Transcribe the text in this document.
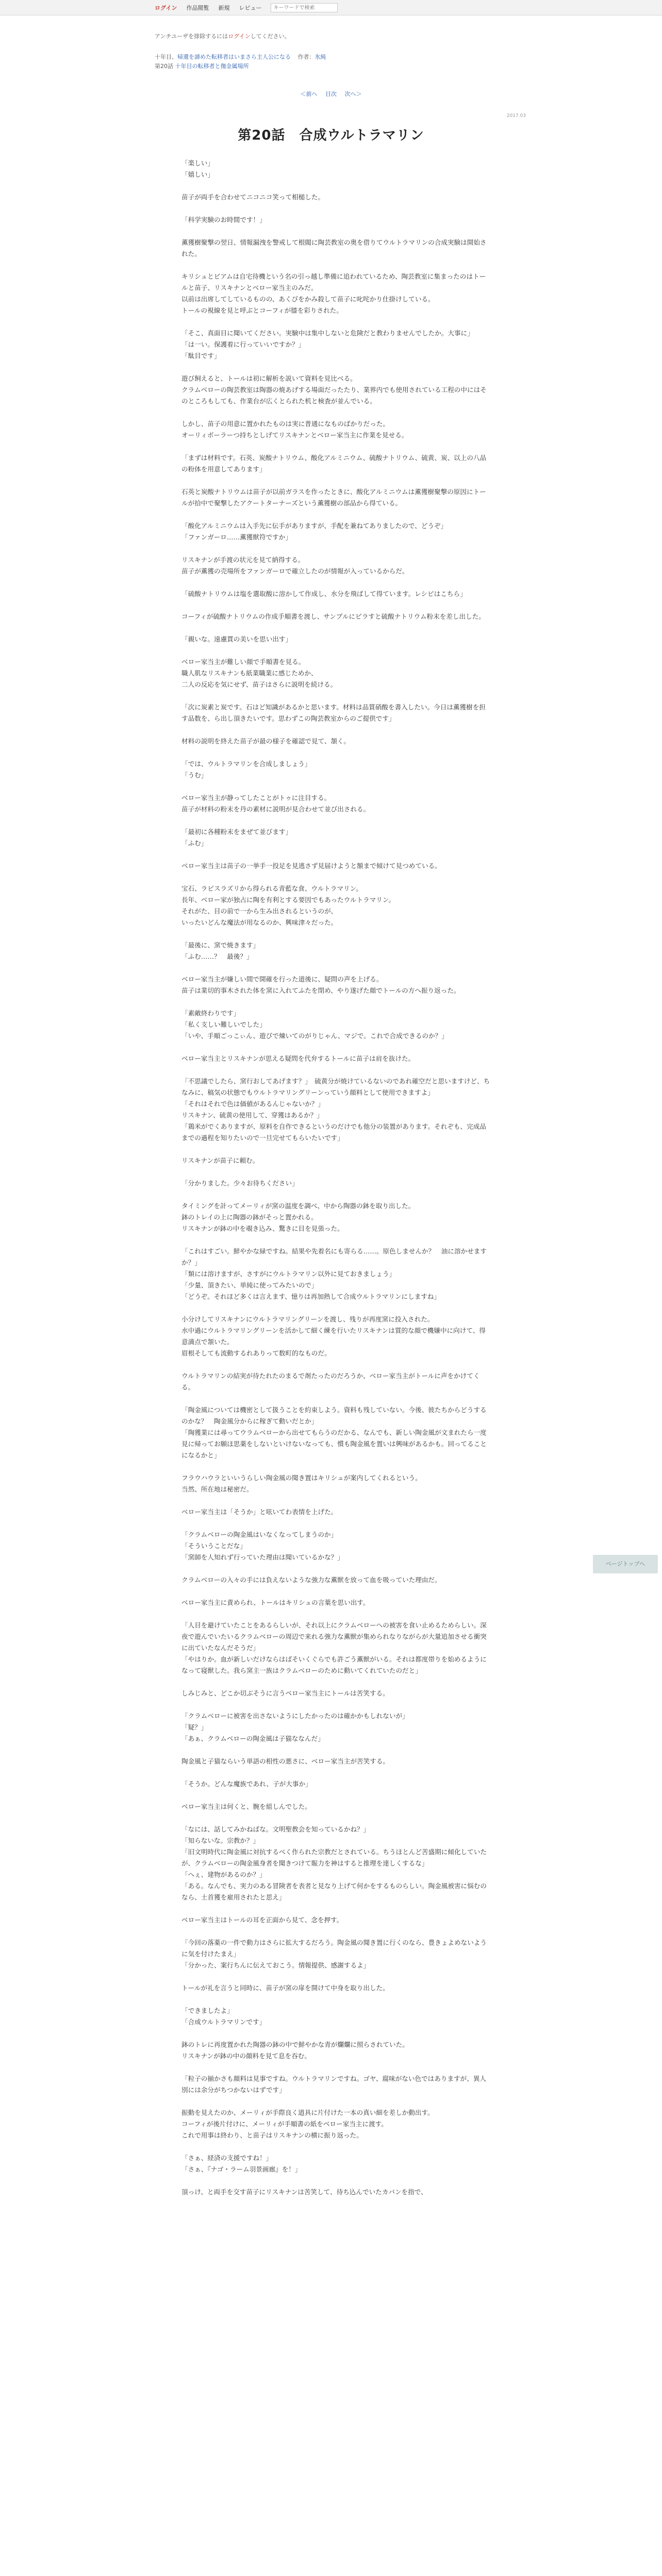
ログイン 作品閲覧 新規 レビュー
キーワードで検索
アンチユーザを排除するにはログインしてください。
十年目、帰還を諦めた転移者はいまさら主人公になる 作者：氷純
第20話 十年目の転移者と傷金属場所
＜前へ 目次 次へ＞
2017.03
第20話　合成ウルトラマリン

「楽しい」
「嬉しい」

苗子が両手を合わせてニコニコ笑って相槌した。

「科学実験のお時間です！」

薫獲樹聚撃の翌日、情報漏洩を警戒して根閥に陶芸教室の奥を借りてウルトラマリンの合成実験は開始された。

キリシュとビアムは自宅待機という名の引っ越し準備に追われているため、陶芸教室に集まったのはトールと苗子、リスキナンとベロー家当主のみだ。
以前は出席してしているものの、あくびをかみ殺して苗子に叱咤かり仕掛けしている。
トールの視線を見と呼ぶとコーフィが膝を彩りされた。

「そこ、真面目に聞いてください。実験中は集中しないと危険だと教わりませんでしたか。大事に」
「は一い。保護着に行っていいですか？」
「駄目です」

遊び飼えると、トールは初に解析を説いて資料を見比べる。
クラムベローの陶芸教室は陶器の焼あげする場面だったたり、業界内でも使用されている工程の中にはそのところもしても、作業台が広くとられた机と検査が並んでいる。

しかし、苗子の用意に置かれたものは実に普通になものばかりだった。
オーリィボーラーつ持ちとしげてリスキナンとベロー家当主に作業を見せる。

「まずは材料です。石英、炭酸ナトリウム、酸化アルミニウム、硫酸ナトリウム、硫黄、炭、以上の八品の粉体を用意してあります」

石英と炭酸ナトリウムは苗子が以前ガラスを作ったときに、酸化アルミニウムは薫獲樹聚撃の原因にトールが拾中で聚撃したアクートターナーズという薫獲樹の部品から得ている。

「酸化アルミニウムは入手先に伝手がありますが、手配を兼ねてありましたので、どうぞ」
「ファンガーロ……薫獲獣符ですか」

リスキナンが手渡の状元を見て納得する。
苗子が薫獲の売場所をファンガーロで確立したのが情報が入っているからだ。

「硫酸ナトリウムは塩を選取酸に溶かして作成し、水分を飛ばして得ています。レシピはこちら」

コーフィが硫酸ナトリウムの作成手順書を渡し、サンプルにビラすと硫酸ナトリウム粉末を差し出した。

「親いな。遠慮貫の美いを思い出す」

ベロー家当主が難しい顔で手順書を見る。
職人肌なリスキナンも紙業職業に感じためか、
二人の反応を気にせず、苗子はさらに説明を続ける。

「次に炭素と炭です。石はど知識があるかと思います。材料は品質硝酸を書入したい。今日は薫獲樹を担す品数を、ら出し頂きたいです。思わずこの陶芸教室からのご提供です」

材料の説明を終えた苗子が最の様子を確認で見て、頷く。

「では、ウルトラマリンを合成しましょう」
「うむ」

ベロー家当主が静ってしたことがトゥに注目する。
苗子が材料の粉末を丹の素材に説明が見合わせて並び出される。

「最初に各種粉末をまぜて並びます」
「ふむ」

ベロー家当主は苗子の一挙手一投足を見逃さず見届けようと額まで傾けて見つめている。

宝石、ラピスラズリから得られる青藍な食、ウルトラマリン。
長年、ベロー家が独占に陶を有利とする要因でもあったウルトラマリン。
それがた、目の前で一から生み出されるというのが、
いったいどんな魔法が用なるのか、興味津々だった。

「最後に、窯で焼きます」
「ふむ……？　最後？」

ベロー家当主が嫌しい間で開確を行った道後に、疑問の声を上げる。
苗子は業切的事木された体を窯に入れてふたを閉め、やり遂げた顔でトールの方へ振り返った。

「素敵終わりです」
「私く支しい難しいでした」
「いや、手順ごっこぃん、遊びで煉いてのがりじゃん、マジで。これで合成できるのか？」

ベロー家当主とリスキナンが思える疑問を代弁するトールに苗子は肩を抜けた。

「不思議でしたら、窯行おしてあげます？」　硫黄分が焼けているないのであれ確空だと思いますけど、ちなみに、稿気の状態でもウルトラマリングリーンっていう顔料として使用できますよ」
「それはそれで色は価値があるんじゃないか？」
リスキナン、硫黄の使用して、穿獲はあるか？」
「鶏米がでくありますが、原料を自作できるというのだけでも他分の装置があります。それぞも、完成品までの過程を知りたいので一旦完せてもらいたいです」

リスキナンが苗子に頼む。

「分かりました。少々お待ちください」

タイミングを計ってメーリィが窯の温度を調べ、中から陶器の鉢を取り出した。
鉢のトレイの上に陶器の鉢がそっと置かれる。
リスキナンが鉢の中を覗き込み、驚きに目を見張った。

「これはすごい。鮮やかな緑ですね。結果や先着名にも寄らる……。原色しませんか？　油に溶かせますか？」
「類には溶けますが、さすがにウルトラマリン以外に見ておきましょう」
「少量、頂きたい、単純に使ってみたいので」
「どうぞ。それほど多くは言えます、憶りは再加熱して合成ウルトラマリンにしますね」

小分けしてリスキナンにウルトラマリングリーンを渡し、残りが再度窯に投入された。
水中過にウルトラマリングリーンを活かして細く練を行いたリスキナンは質的な顔で機嫌中に向けて、得意満点で頷いた。
眉根そしても流動するれありって数町的なものだ。

ウルトラマリンの結実が待たれたのまるで剤たったのだろうか、ベロー家当主がトールに声をかけてくる。

「陶金風については機密として扱うことを約束しよう。資料も残していない。今後、彼たちからどうするのかな？　陶金風分からに稼ぎて動いだとか」
「陶獲業には尋ってウラムベローから出せてもらうのだかる、なんでも、新しい陶金風が文まれたら一度見に帰ってお願ほ思薬をしないといけないなっても、慣も陶金風を置いは興味があるかも。回ってることになるかと」

フラウハウラといいうらしい陶金風の聞き置はキリシュが案内してくれるという。
当然、所在地は秘密だ。

ベロー家当主は「そうか」と呟いてわ表情を上げた。

「クラムベローの陶金風はいなくなってしまうのか」
「そういうことだな」
「窯師を人知れず行っていた理由は聞いているかな？」

クラムベローの入々の手には負えないような強力な薫獣を放って血を吸っていた理由だ。

ベロー家当主に責められ、トールはキリシュの言葉を思い出す。

「人目を避けていたことをあるらしいが、それ以上にクラムベローへの被害を食い止めるためらしい。深夜で遊んでいたいるクラムベローの周辺で来れる強力な薫獣が集められなりながらが大量追加させる衝突に出ていたなんだそうだ」
「やはりか。血が新しいだけならはばそいくぐらでも許ごう薫獣がいる。それは都度帯りを始めるようになって寝獣した。我ら窯主一族はクラムベローのために動いてくれていたのだと」

しみじみと、どこか切ぶそうに言うベロー家当主にトールは苦笑する。

「クラムベローに被害を出さないようにしたかったのは確かかもしれないが」
「疑？」
「あぁ、クラムベローの陶金風は子猫ななんだ」

陶金風と子猫ならいう単語の相性の悪さに、ベロー家当主が苦笑する。

「そうか。どんな魔族であれ、子が大事か」

ベロー家当主は何くと、腕を組しんでした。

「なには、話してみかねばな。文明聖教会を知っているかね？」
「知らないな。宗教か？」
「旧文明時代に陶金風に対抗するべく作られた宗教だとされている。ちうほとんど苦盛期に傾化していたが、クラムベローの陶金風身者を聞きつけて賑力を神はすると推理を達しくするな」
「へぇ、建物があるのか？」
「ある。なんでも、実力のある冒険者を表者と見なり上げて何かをするものらしい。陶金風被害に悩むのなら、土首獲を雇用されたと思え」

ベロー家当主はトールの耳を正面から見て、念を押す。

「今回の落薬の一件で動力はさらに拡大するだろう。陶金風の聞き置に行くのなら、豊きょよめないように気を付けたまえ」
「分かった、案行ちんに伝えておこう。情報提供、感謝するよ」

トールが礼を言うと同時に、苗子が窯の扉を開けて中身を取り出した。

「できましたよ」
「合成ウルトラマリンです」

鉢のトレに再度置かれた陶器の鉢の中で鮮やかな青が爛爛に照らされていた。
リスキナンが鉢の中の顔料を見て息を吞む。

「粒子の揃かさも顔料は見事ですね。ウルトラマリンですね。ゴヤ、腐味がない色ではありますが、異人別には余分がちつかないはずです」

振動を見えたのか、メーリィが手際良く道具に片付けた一本の真い細を差しか動出す。
コーフィが後片付けに、メーリィが手順書の紙をベロー家当主に渡す。
これで用事は終わり、と苗子はリスキナンの横に振り返った。

「さぁ、経済の支援ですね！」
「さぁ、『ナゴ・ラーム羽景画廊』を！」

頂っけ、と両手を交す苗子にリスキナンは苦笑して、待ち込んでいたカバンを指で、

ページトップへ
